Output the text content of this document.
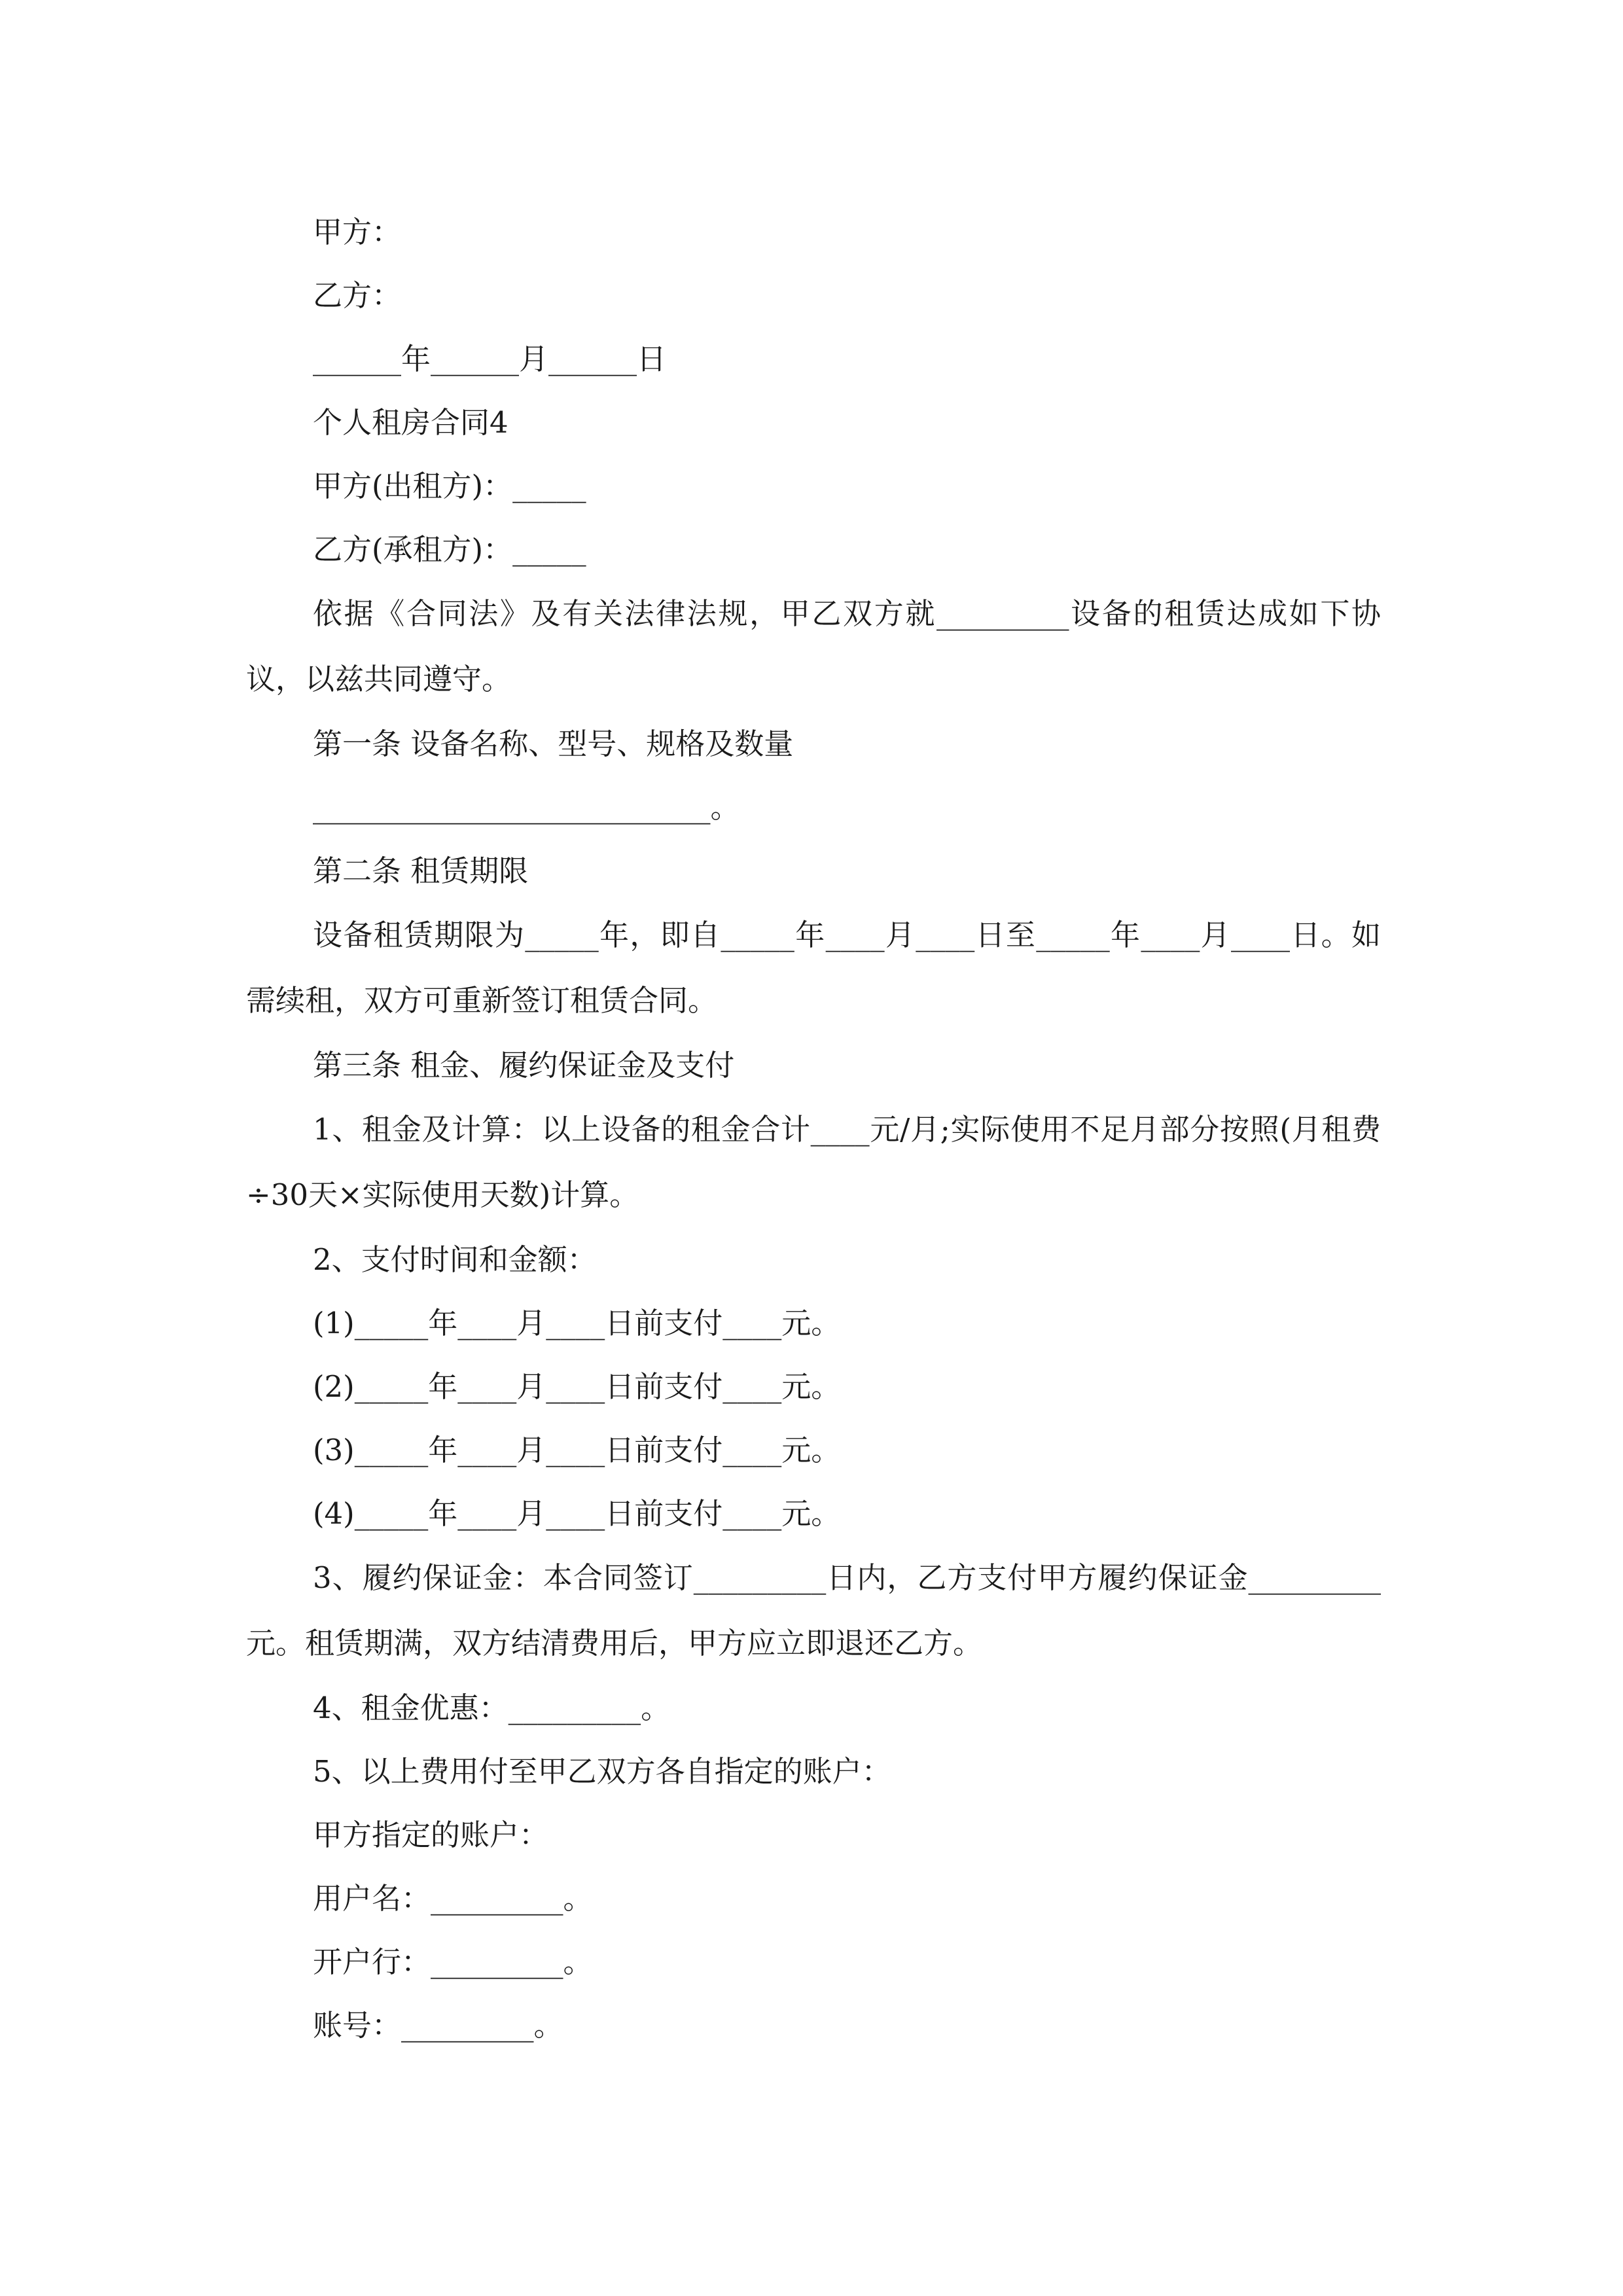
甲方：

乙方：

______年______月______日

个人租房合同4

甲方(出租方)：_____

乙方(承租方)：_____

依据《合同法》及有关法律法规，甲乙双方就_________设备的租赁达成如下协议，以兹共同遵守。

第一条 设备名称、型号、规格及数量

___________________________。

第二条 租赁期限

设备租赁期限为_____年，即自_____年____月____日至_____年____月____日。如需续租，双方可重新签订租赁合同。

第三条 租金、履约保证金及支付

1、租金及计算：以上设备的租金合计____元/月;实际使用不足月部分按照(月租费÷30天×实际使用天数)计算。

2、支付时间和金额：

(1)_____年____月____日前支付____元。

(2)_____年____月____日前支付____元。

(3)_____年____月____日前支付____元。

(4)_____年____月____日前支付____元。

3、履约保证金：本合同签订_________日内，乙方支付甲方履约保证金_________元。租赁期满，双方结清费用后，甲方应立即退还乙方。

4、租金优惠：_________。

5、以上费用付至甲乙双方各自指定的账户：

甲方指定的账户：

用户名：_________。

开户行：_________。

账号：_________。
